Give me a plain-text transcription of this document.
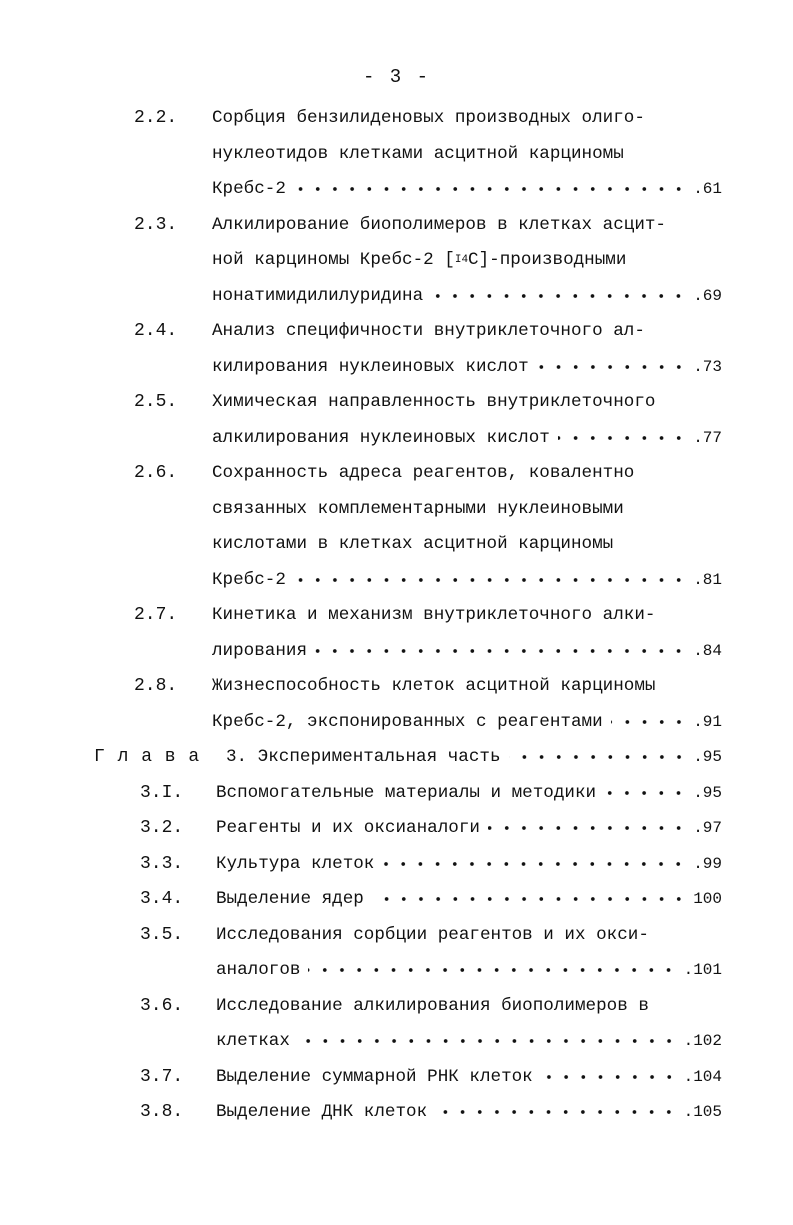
- 3 -
2.2. Сорбция бензилиденовых производных олиго-
нуклеотидов клетками асцитной карциномы
Кребс-2	.61
2.3. Алкилирование биополимеров в клетках асцит-
ной карциномы Кребс-2 [ I4 C]-производными
нонатимидилилуридина	.69
2.4. Анализ специфичности внутриклеточного ал-
килирования нуклеиновых кислот	.73
2.5. Химическая направленность внутриклеточного
алкилирования нуклеиновых кислот	.77
2.6. Сохранность адреса реагентов, ковалентно
связанных комплементарными нуклеиновыми
кислотами в клетках асцитной карциномы
Кребс-2	.81
2.7. Кинетика и механизм внутриклеточного алки-
лирования	.84
2.8. Жизнеспособность клеток асцитной карциномы
Кребс-2, экспонированных с реагентами	.91
Г л а в а 3. Экспериментальная часть	.95
3.I. Вспомогательные материалы и методики	.95
3.2. Реагенты и их оксианалоги	.97
3.3. Культура клеток	.99
3.4. Выделение ядер	100
3.5. Исследования сорбции реагентов и их окси-
аналогов	.101
3.6. Исследование алкилирования биополимеров в
клетках	.102
3.7. Выделение суммарной РНК клеток	.104
3.8. Выделение ДНК клеток	.105
